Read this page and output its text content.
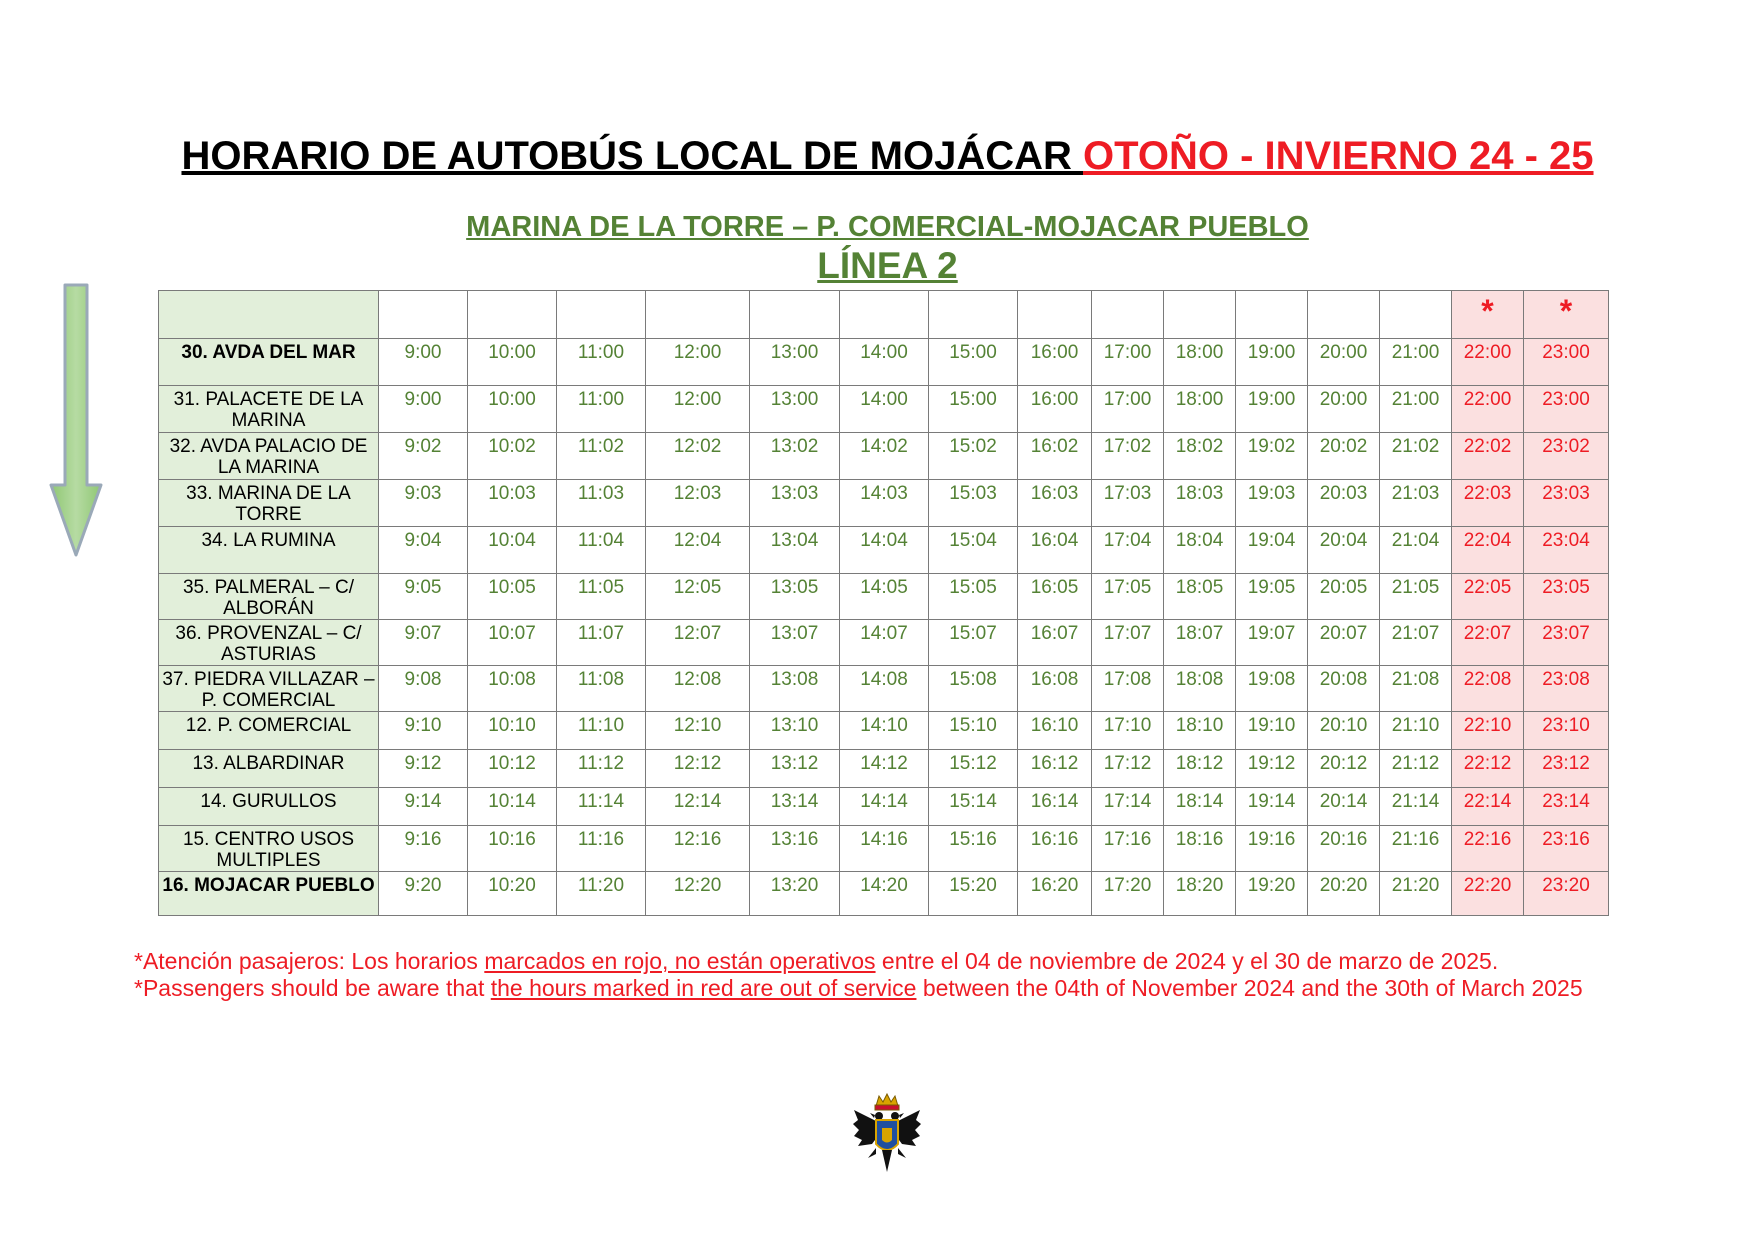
HORARIO DE AUTOBÚS LOCAL DE MOJÁCAR OTOÑO - INVIERNO 24 - 25
MARINA DE LA TORRE – P. COMERCIAL-MOJACAR PUEBLO
LÍNEA 2
														*	*
30. AVDA DEL MAR	9:00	10:00	11:00	12:00	13:00	14:00	15:00	16:00	17:00	18:00	19:00	20:00	21:00	22:00	23:00
31. PALACETE DE LA MARINA	9:00	10:00	11:00	12:00	13:00	14:00	15:00	16:00	17:00	18:00	19:00	20:00	21:00	22:00	23:00
32. AVDA PALACIO DE LA MARINA	9:02	10:02	11:02	12:02	13:02	14:02	15:02	16:02	17:02	18:02	19:02	20:02	21:02	22:02	23:02
33. MARINA DE LA TORRE	9:03	10:03	11:03	12:03	13:03	14:03	15:03	16:03	17:03	18:03	19:03	20:03	21:03	22:03	23:03
34. LA RUMINA	9:04	10:04	11:04	12:04	13:04	14:04	15:04	16:04	17:04	18:04	19:04	20:04	21:04	22:04	23:04
35. PALMERAL – C/ ALBORÁN	9:05	10:05	11:05	12:05	13:05	14:05	15:05	16:05	17:05	18:05	19:05	20:05	21:05	22:05	23:05
36. PROVENZAL – C/ ASTURIAS	9:07	10:07	11:07	12:07	13:07	14:07	15:07	16:07	17:07	18:07	19:07	20:07	21:07	22:07	23:07
37. PIEDRA VILLAZAR – P. COMERCIAL	9:08	10:08	11:08	12:08	13:08	14:08	15:08	16:08	17:08	18:08	19:08	20:08	21:08	22:08	23:08
12. P. COMERCIAL	9:10	10:10	11:10	12:10	13:10	14:10	15:10	16:10	17:10	18:10	19:10	20:10	21:10	22:10	23:10
13. ALBARDINAR	9:12	10:12	11:12	12:12	13:12	14:12	15:12	16:12	17:12	18:12	19:12	20:12	21:12	22:12	23:12
14. GURULLOS	9:14	10:14	11:14	12:14	13:14	14:14	15:14	16:14	17:14	18:14	19:14	20:14	21:14	22:14	23:14
15. CENTRO USOS MULTIPLES	9:16	10:16	11:16	12:16	13:16	14:16	15:16	16:16	17:16	18:16	19:16	20:16	21:16	22:16	23:16
16. MOJACAR PUEBLO	9:20	10:20	11:20	12:20	13:20	14:20	15:20	16:20	17:20	18:20	19:20	20:20	21:20	22:20	23:20
*Atención pasajeros: Los horarios marcados en rojo, no están operativos entre el 04 de noviembre de 2024 y el 30 de marzo de 2025.
*Passengers should be aware that the hours marked in red are out of service between the 04th of November 2024 and the 30th of March 2025
